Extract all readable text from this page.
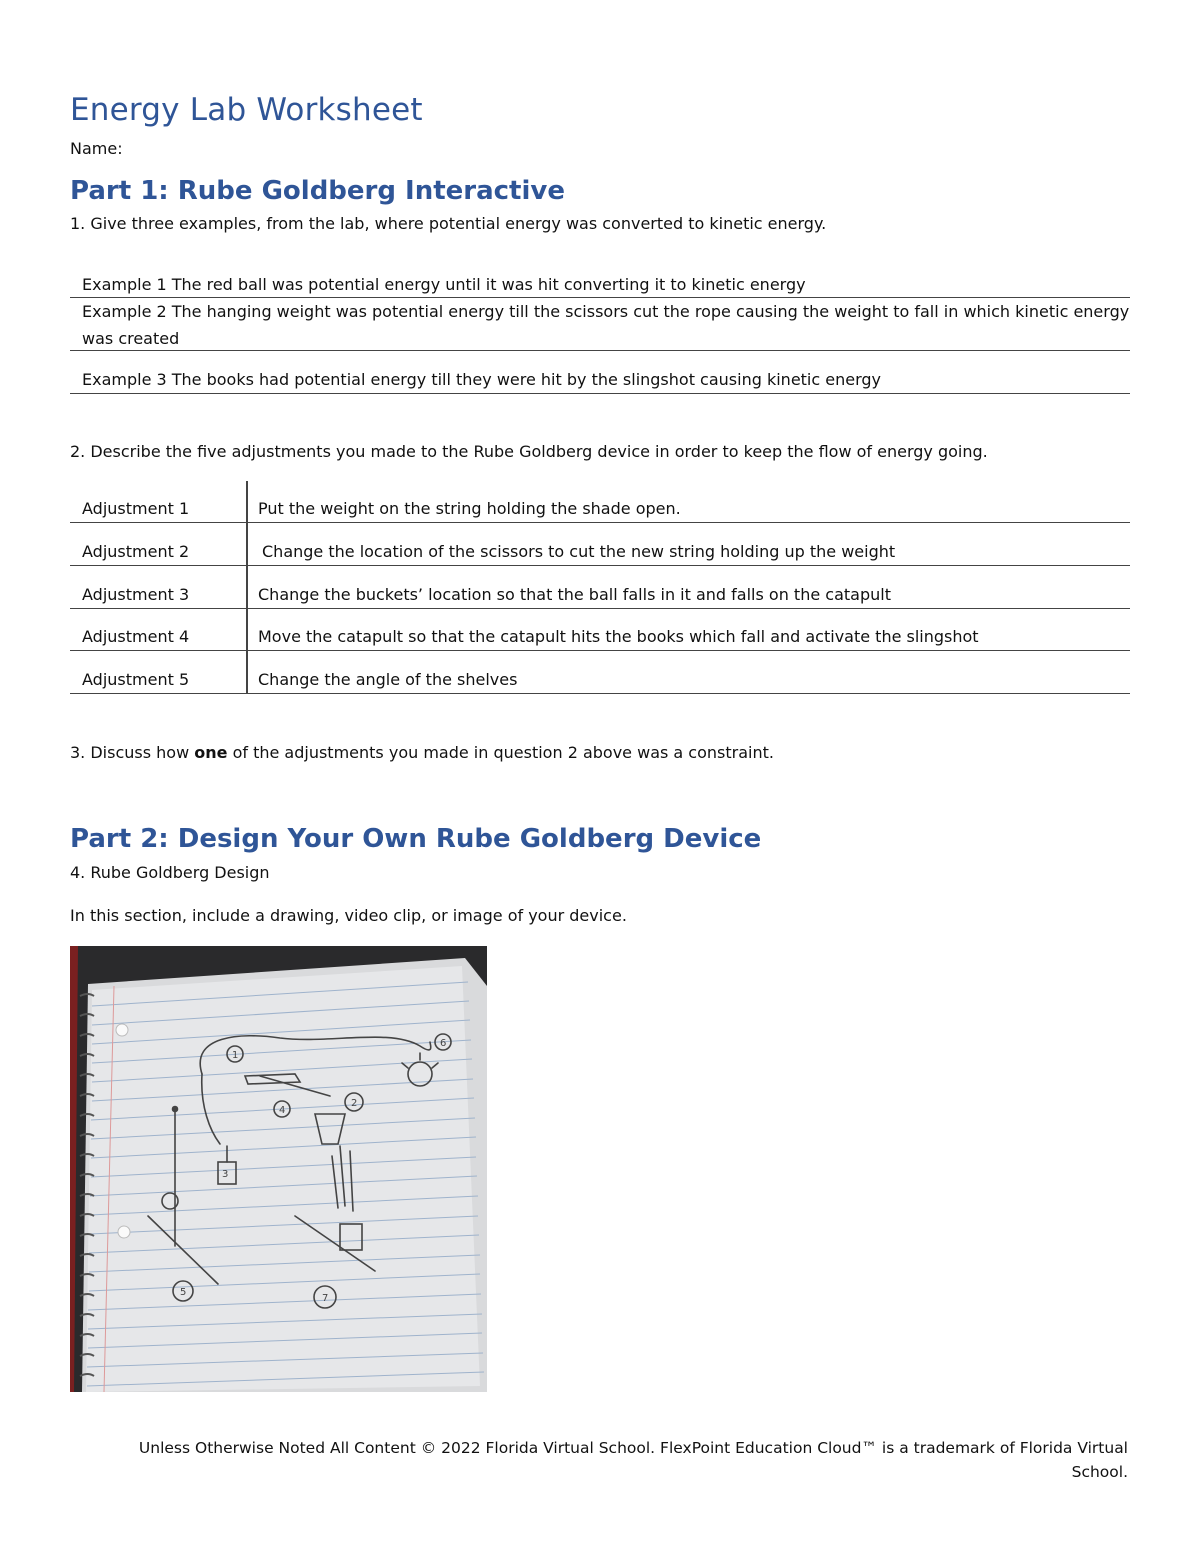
Energy Lab Worksheet
Name:
Part 1: Rube Goldberg Interactive
1. Give three examples, from the lab, where potential energy was converted to kinetic energy.
Example 1 The red ball was potential energy until it was hit converting it to kinetic energy
Example 2 The hanging weight was potential energy till the scissors cut the rope causing the weight to fall in which kinetic energy was created
Example 3 The books had potential energy till they were hit by the slingshot causing kinetic energy
2. Describe the five adjustments you made to the Rube Goldberg device in order to keep the flow of energy going.
Adjustment 1	Put the weight on the string holding the shade open.
Adjustment 2	Change the location of the scissors to cut the new string holding up the weight
Adjustment 3	Change the buckets’ location so that the ball falls in it and falls on the catapult
Adjustment 4	Move the catapult so that the catapult hits the books which fall and activate the slingshot
Adjustment 5	Change the angle of the shelves
3. Discuss how one of the adjustments you made in question 2 above was a constraint.
Part 2: Design Your Own Rube Goldberg Device
4. Rube Goldberg Design
In this section, include a drawing, video clip, or image of your device.
1
2
4
5
6
7
3
Unless Otherwise Noted All Content © 2022 Florida Virtual School. FlexPoint Education Cloud™ is a trademark of Florida Virtual
School.
